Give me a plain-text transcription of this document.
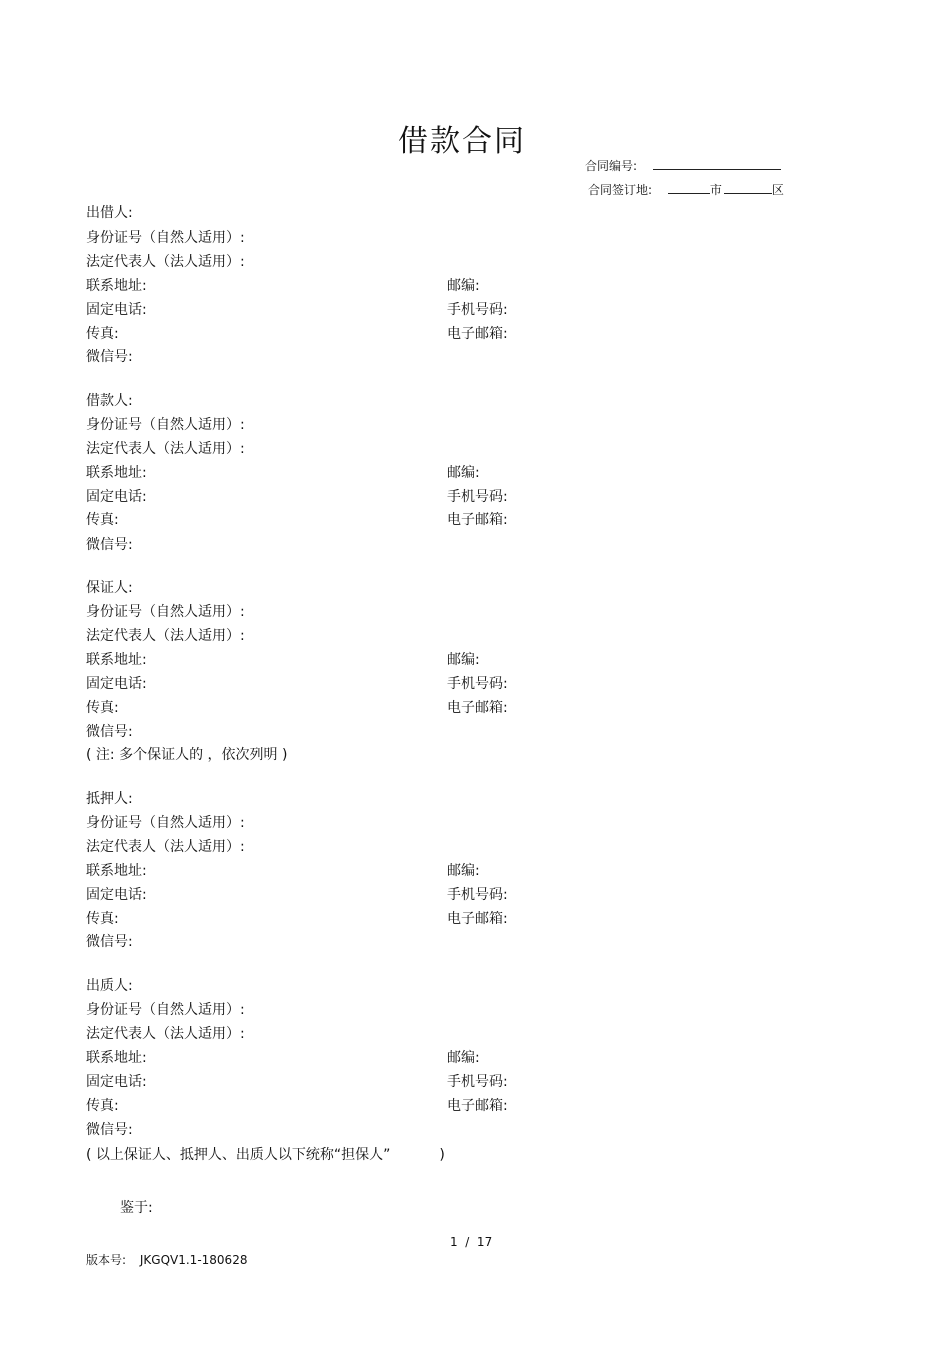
借款合同
合同编号:
合同签订地:	市	区
出借人:
身份证号（自然人适用）:
法定代表人（法人适用）:
联系地址:	邮编:
固定电话:	手机号码:
传真:	电子邮箱:
微信号:
借款人:
身份证号（自然人适用）:
法定代表人（法人适用）:
联系地址:	邮编:
固定电话:	手机号码:
传真:	电子邮箱:
微信号:
保证人:
身份证号（自然人适用）:
法定代表人（法人适用）:
联系地址:	邮编:
固定电话:	手机号码:
传真:	电子邮箱:
微信号:
( 注: 多个保证人的 ，依次列明 )
抵押人:
身份证号（自然人适用）:
法定代表人（法人适用）:
联系地址:	邮编:
固定电话:	手机号码:
传真:	电子邮箱:
微信号:
出质人:
身份证号（自然人适用）:
法定代表人（法人适用）:
联系地址:	邮编:
固定电话:	手机号码:
传真:	电子邮箱:
微信号:
( 以上保证人、抵押人、出质人以下统称“担保人”           )
鉴于:
1  /  17
版本号: JKGQV1.1-180628
